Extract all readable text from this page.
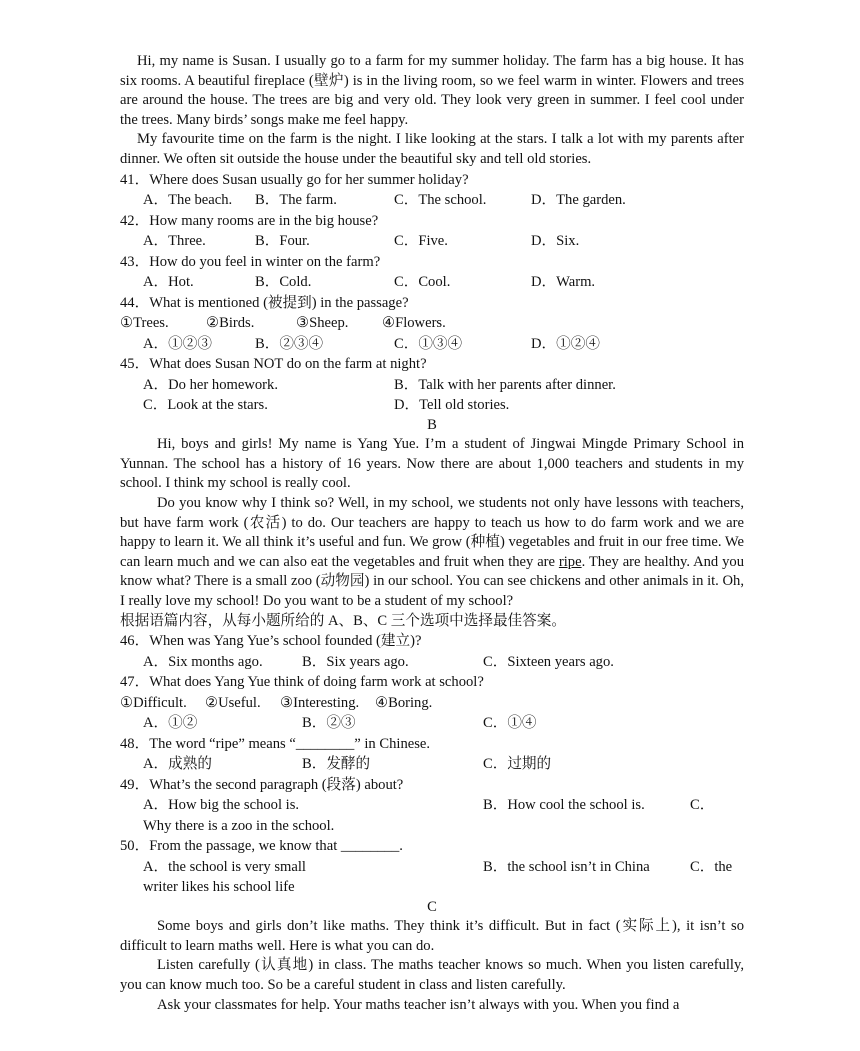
Hi, my name is Susan. I usually go to a farm for my summer holiday. The farm has a big house. It has six rooms. A beautiful fireplace (壁炉) is in the living room, so we feel warm in winter. Flowers and trees are around the house. The trees are big and very old. They look very green in summer. I feel cool under the trees. Many birds’ songs make me feel happy.

My favourite time on the farm is the night. I like looking at the stars. I talk a lot with my parents after dinner. We often sit outside the house under the beautiful sky and tell old stories.

41．Where does Susan usually go for her summer holiday?
A．The beach. B．The farm.	C．The school.	D．The garden.
42．How many rooms are in the big house?
A．Three.	B．Four.	C．Five.	D．Six.
43．How do you feel in winter on the farm?
A．Hot.	B．Cold.	C．Cool.	D．Warm.
44．What is mentioned (被提到) in the passage?
①Trees.	②Birds.	③Sheep. ④Flowers.
A．①②③	B．②③④	C．①③④	D．①②④
45．What does Susan NOT do on the farm at night?
A．Do her homework.	B．Talk with her parents after dinner.
C．Look at the stars.	D．Tell old stories.
B

Hi, boys and girls! My name is Yang Yue. I’m a student of Jingwai Mingde Primary School in Yunnan. The school has a history of 16 years. Now there are about 1,000 teachers and students in my school. I think my school is really cool.

Do you know why I think so? Well, in my school, we students not only have lessons with teachers, but have farm work (农活) to do. Our teachers are happy to teach us how to do farm work and we are happy to learn it. We all think it’s useful and fun. We grow (种植) vegetables and fruit in our free time. We can learn much and we can also eat the vegetables and fruit when they are ripe. They are healthy. And you know what? There is a small zoo (动物园) in our school. You can see chickens and other animals in it. Oh, I really love my school! Do you want to be a student of my school?

根据语篇内容，从每小题所给的 A、B、C 三个选项中选择最佳答案。
46．When was Yang Yue’s school founded (建立)?
A．Six months ago.	B．Six years ago.	C．Sixteen years ago.
47．What does Yang Yue think of doing farm work at school?
①Difficult. ②Useful. ③Interesting. ④Boring.
A．①②	B．②③	C．①④
48．The word “ripe” means “________” in Chinese.
A．成熟的	B．发酵的	C．过期的
49．What’s the second paragraph (段落) about?
A．How big the school is.	B．How cool the school is.	C．
Why there is a zoo in the school.
50．From the passage, we know that ________.
A．the school is very small	B．the school isn’t in China	C．the
writer likes his school life
C

Some boys and girls don’t like maths. They think it’s difficult. But in fact (实际上), it isn’t so difficult to learn maths well. Here is what you can do.

Listen carefully (认真地) in class. The maths teacher knows so much. When you listen carefully, you can know much too. So be a careful student in class and listen carefully.

Ask your classmates for help. Your maths teacher isn’t always with you. When you find a
